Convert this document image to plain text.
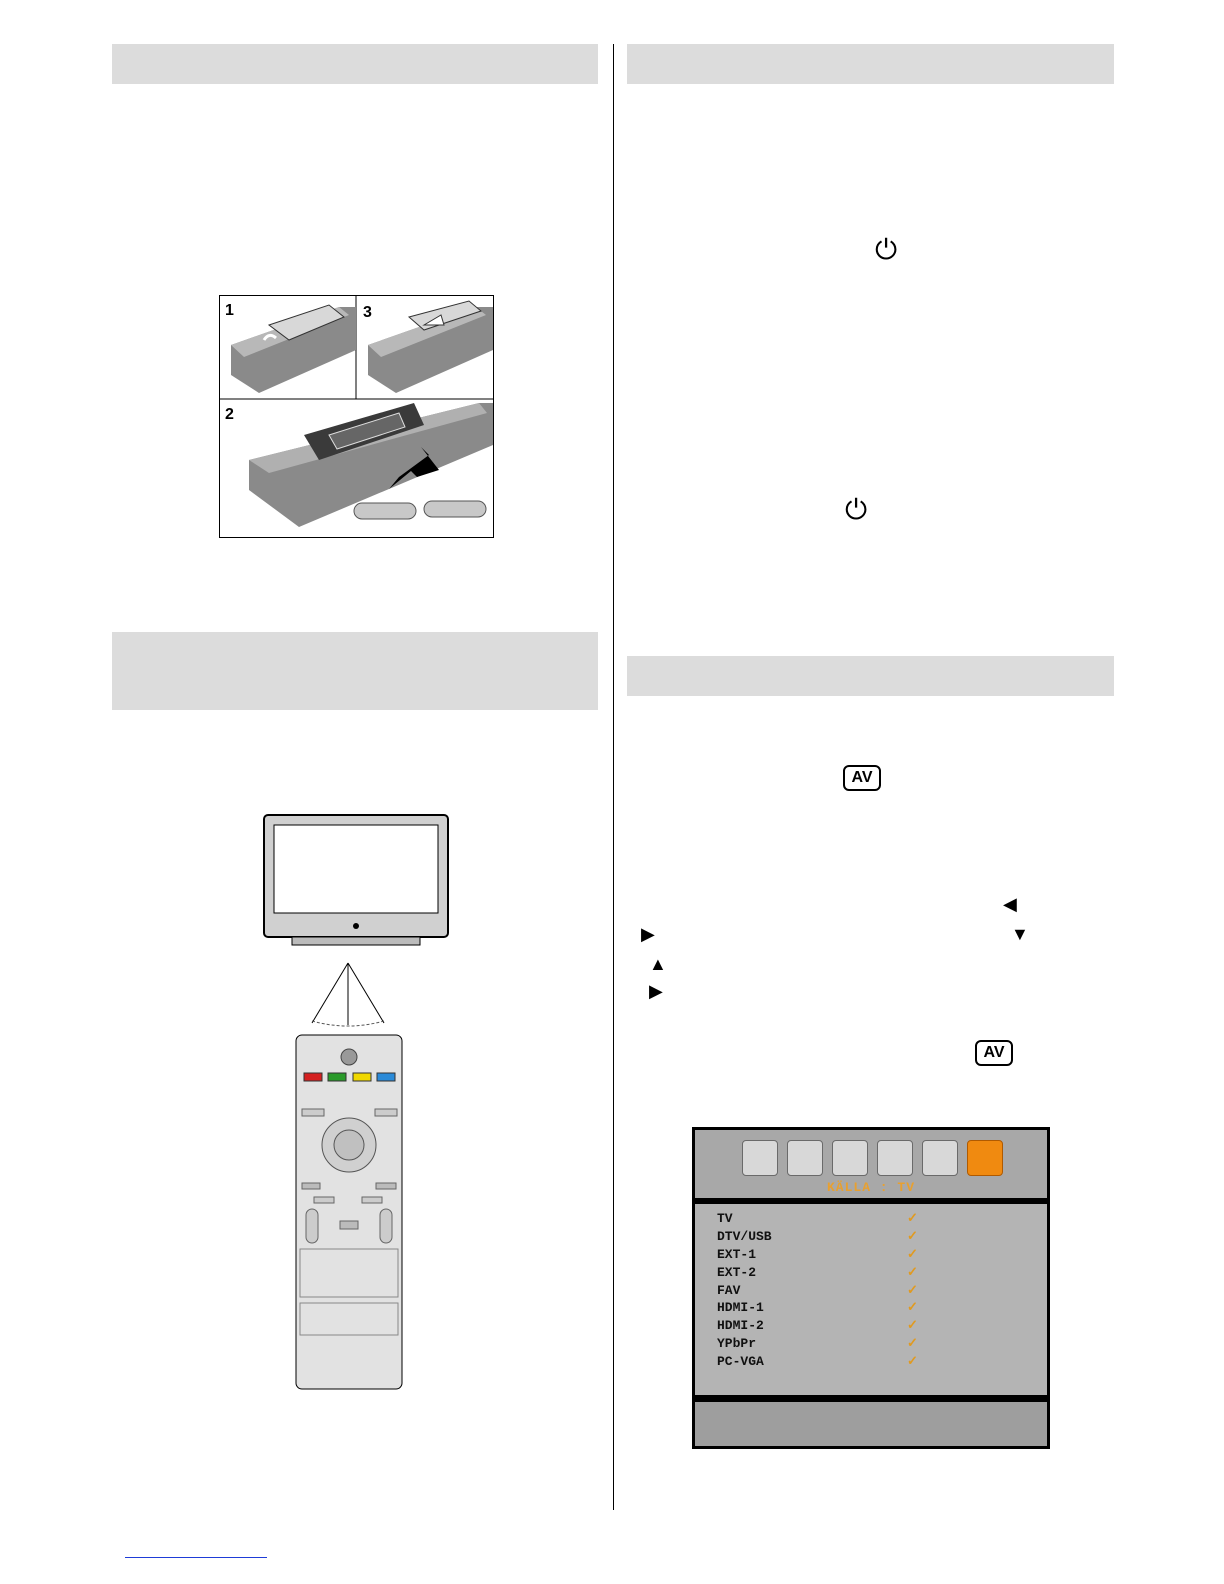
1	3
2
⏻
⏻
AV
AV
◀
▶	▼
▲
▶
KÄLLA : TV
TV
DTV/USB
EXT-1
EXT-2
FAV
HDMI-1
HDMI-2
YPbPr
PC-VGA
✓
✓
✓
✓
✓
✓
✓
✓
✓
